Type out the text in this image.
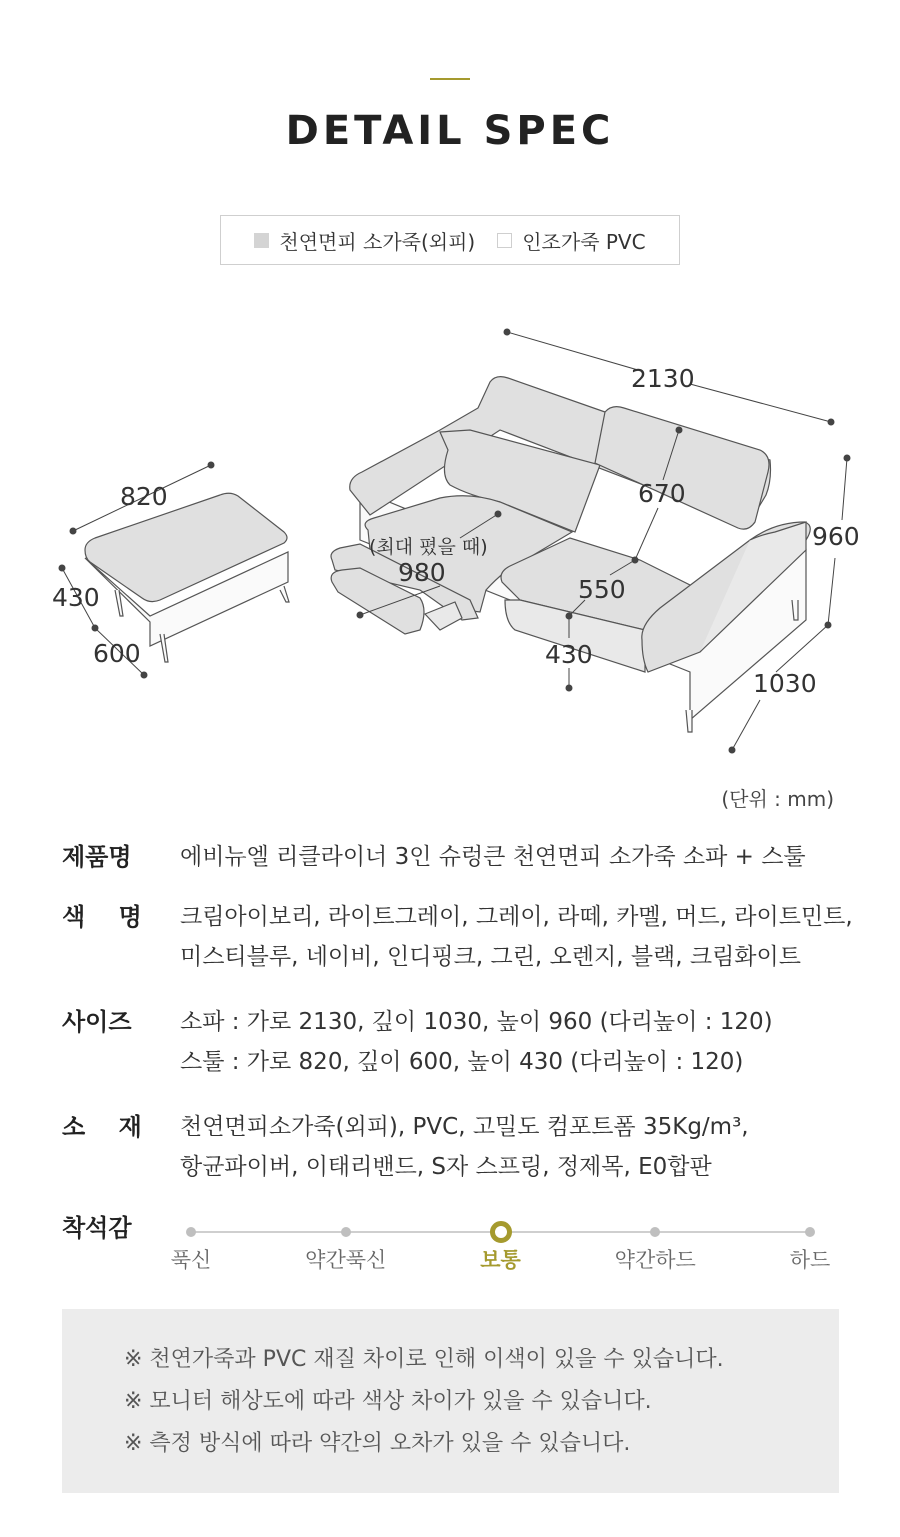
DETAIL SPEC
천연면피 소가죽(외피) 인조가죽 PVC
820
430
600
2130
670
960
(최대 폈을 때)
980
550
430
1030
(단위 : mm)
제품명	에비뉴엘 리클라이너 3인 슈렁큰 천연면피 소가죽 소파 + 스툴
색    명	크림아이보리, 라이트그레이, 그레이, 라떼, 카멜, 머드, 라이트민트,
미스티블루, 네이비, 인디핑크, 그린, 오렌지, 블랙, 크림화이트
사이즈	소파 : 가로 2130, 깊이 1030, 높이 960 (다리높이 : 120)
스툴 : 가로 820, 깊이 600, 높이 430 (다리높이 : 120)
소    재	천연면피소가죽(외피), PVC, 고밀도 컴포트폼 35Kg/m³,
항균파이버, 이태리밴드, S자 스프링, 정제목, E0합판
착석감
푹신	약간푹신	보통	약간하드	하드
※ 천연가죽과 PVC 재질 차이로 인해 이색이 있을 수 있습니다.
※ 모니터 해상도에 따라 색상 차이가 있을 수 있습니다.
※ 측정 방식에 따라 약간의 오차가 있을 수 있습니다.
